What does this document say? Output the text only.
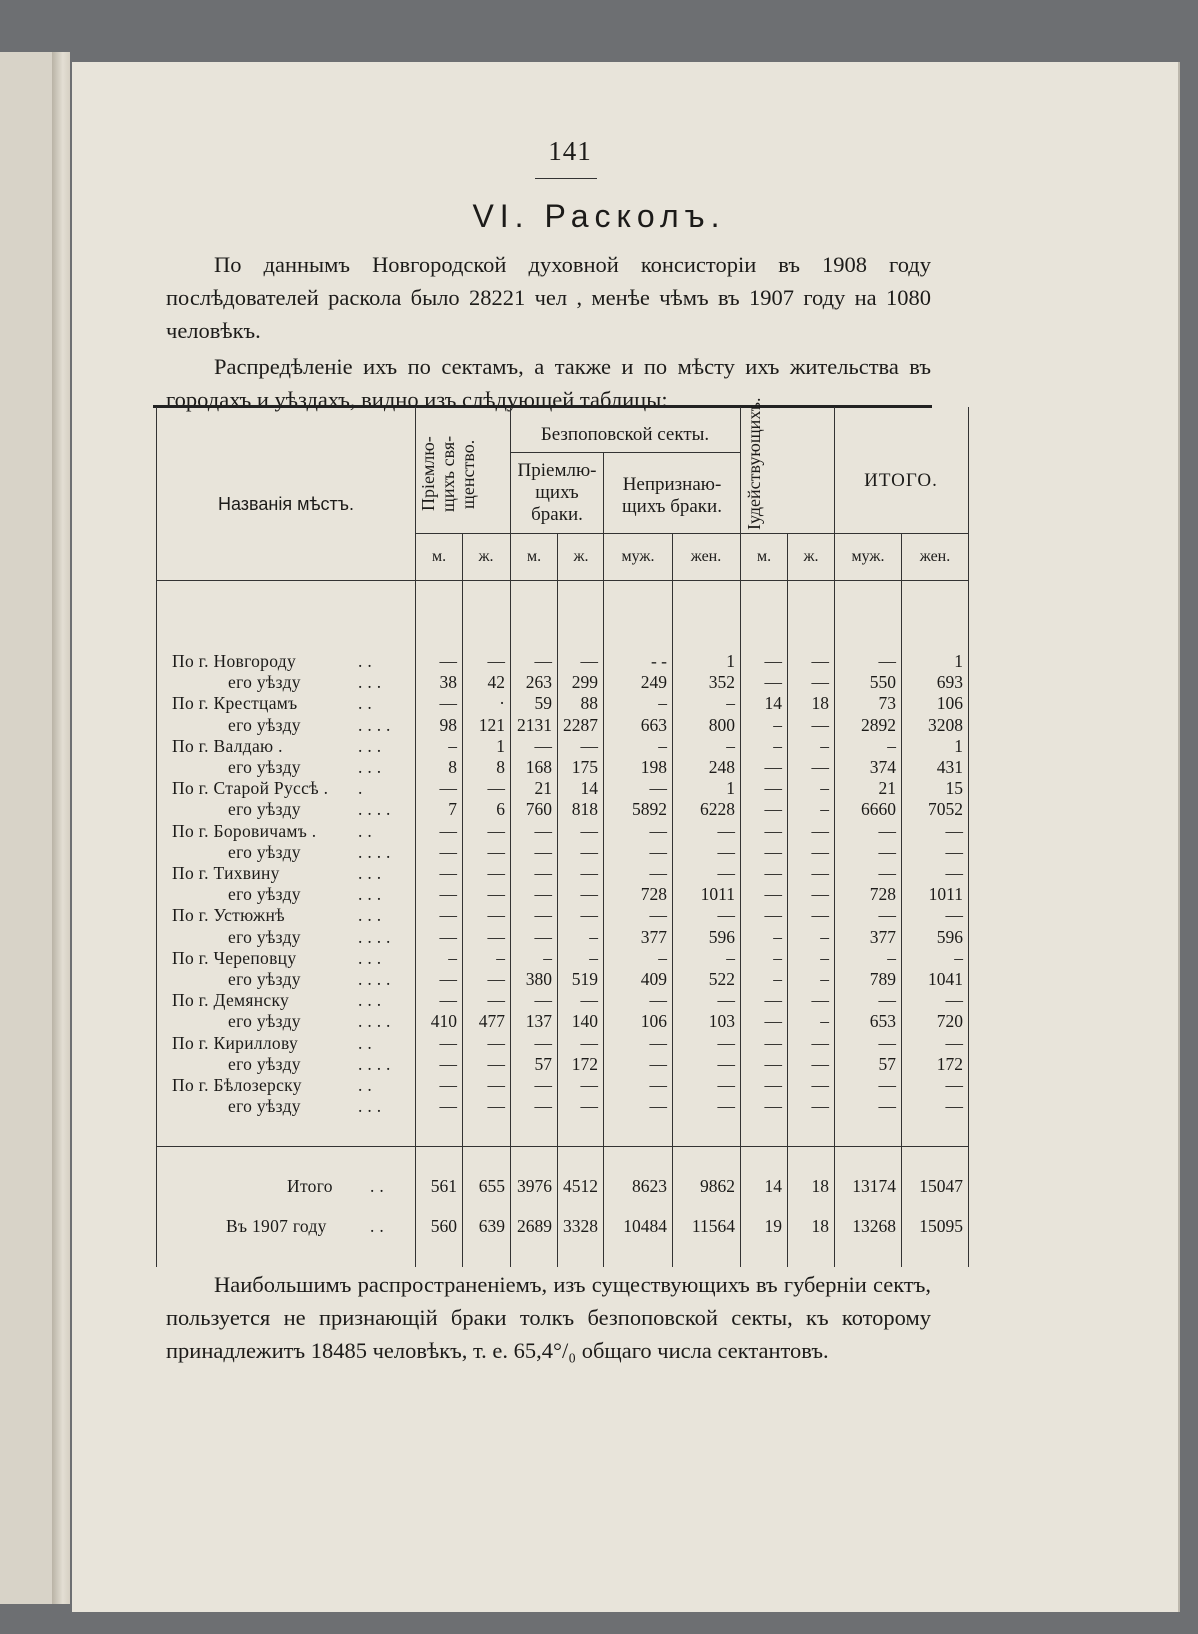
141
VI. Расколъ.
По даннымъ Новгородской духовной консисторіи въ 1908 году послѣдователей раскола было 28221 чел , менѣе чѣмъ въ 1907 году на 1080 человѣкъ.
Распредѣленіе ихъ по сектамъ, а также и по мѣсту ихъ жительства въ городахъ и уѣздахъ, видно изъ слѣдующей таблицы:
Названія мѣстъ.	Пріемлю-щихъ свя-щенство.
Безпоповской секты.
Пріемлю-щихъ браки.
Непризнаю-щихъ браки.	Іудействующихъ.	ИТОГО.
м.	ж.	м.	ж.	муж.	жен.	м.	ж.	муж.	жен.
По г. Новгороду	. .	—	—	—	—	- -	1	—	—	—	1
его уѣзду	. . .	38	42	263	299	249	352	—	—	550	693
По г. Крестцамъ	. .	—	·	59	88	–	–	14	18	73	106
его уѣзду	. . . .	98	121 2131 2287	663	800	–	—	2892	3208
По г. Валдаю .	. . .	–	1	—	—	–	–	–	–	–	1
его уѣзду	. . .	8	8	168	175	198	248	—	—	374	431
По г. Старой Руссѣ . .	—	—	21	14	—	1	—	–	21	15
его уѣзду	. . . .	7	6	760	818	5892	6228	—	–	6660	7052
По г. Боровичамъ . . .	—	—	—	—	—	—	—	—	—	—
его уѣзду	. . . .	—	—	—	—	—	—	—	—	—	—
По г. Тихвину	. . .	—	—	—	—	—	—	—	—	—	—
его уѣзду	. . .	—	—	—	—	728	1011	—	—	728	1011
По г. Устюжнѣ	. . .	—	—	—	—	—	—	—	—	—	—
его уѣзду	. . . .	—	—	—	–	377	596	–	–	377	596
По г. Череповцу	. . .	–	–	–	–	–	–	–	–	–	–
его уѣзду	. . . .	—	—	380	519	409	522	–	–	789	1041
По г. Демянску	. . .	—	—	—	—	—	—	—	—	—	—
его уѣзду	. . . .	410	477	137	140	106	103	—	–	653	720
По г. Кириллову	. .	—	—	—	—	—	—	—	—	—	—
его уѣзду	. . . .	—	—	57	172	—	—	—	—	57	172
По г. Бѣлозерску	. .	—	—	—	—	—	—	—	—	—	—
его уѣзду	. . .	—	—	—	—	—	—	—	—	—	—
Итого . .	561	655 3976 4512	8623	9862	14	18	13174	15047
Въ 1907 году . .	560	639 2689 3328	10484	11564	19	18	13268	15095
Наибольшимъ распространеніемъ, изъ существующихъ въ губерніи сектъ, пользуется не признающій браки толкъ безпоповской секты, къ которому принадлежитъ 18485 человѣкъ, т. е. 65,4°/₀ общаго числа сектантовъ.
